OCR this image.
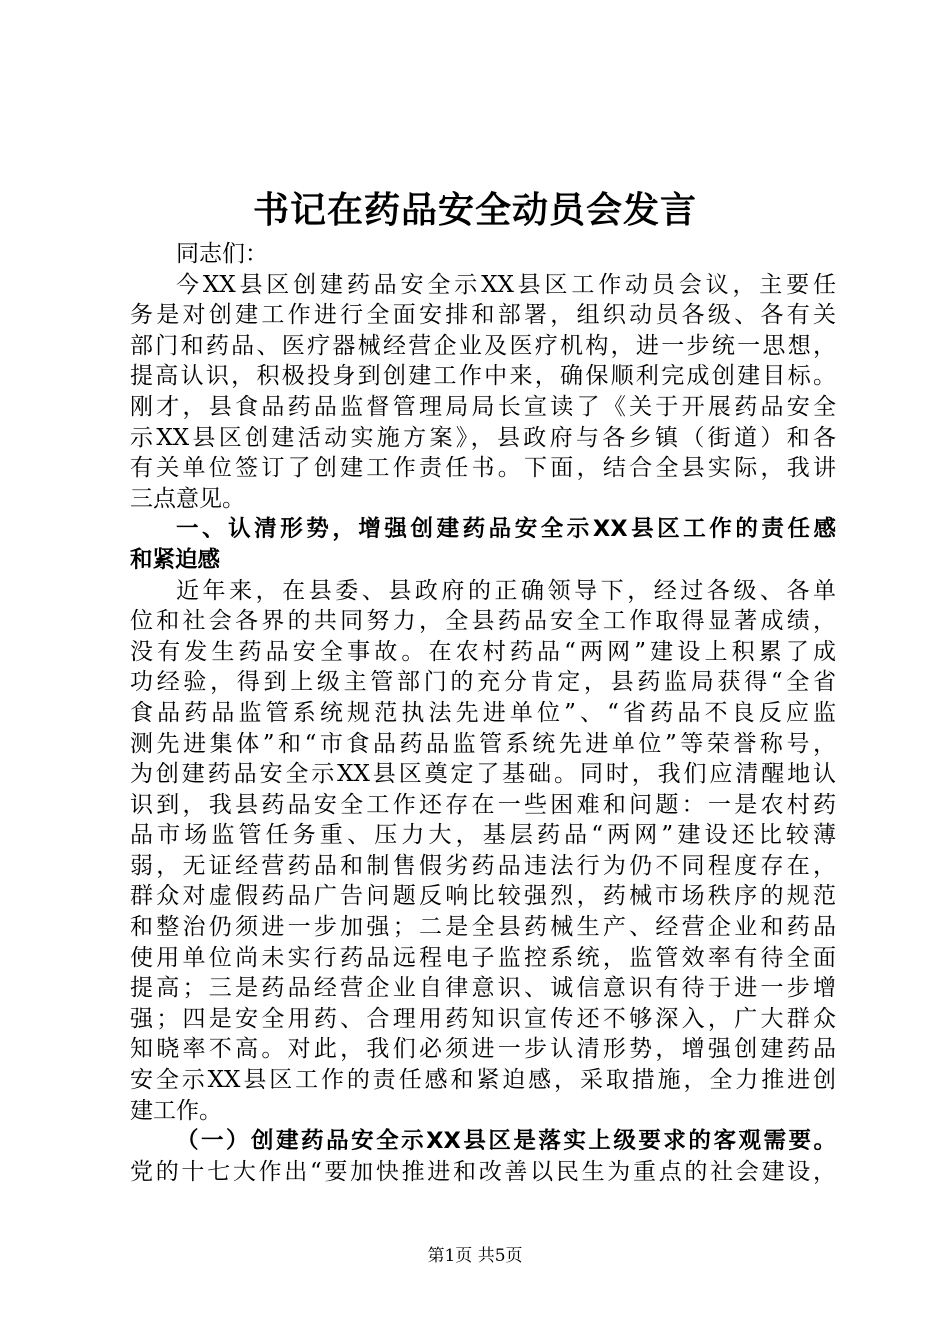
书记在药品安全动员会发言
同志们：
今XX县区创建药品安全示XX县区工作动员会议，主要任
务是对创建工作进行全面安排和部署，组织动员各级、各有关
部门和药品、医疗器械经营企业及医疗机构，进一步统一思想，
提高认识，积极投身到创建工作中来，确保顺利完成创建目标。
刚才，县食品药品监督管理局局长宣读了《关于开展药品安全
示XX县区创建活动实施方案》，县政府与各乡镇（街道）和各
有关单位签订了创建工作责任书。下面，结合全县实际，我讲
三点意见。
一、认清形势，增强创建药品安全示XX县区工作的责任感
和紧迫感
近年来，在县委、县政府的正确领导下，经过各级、各单
位和社会各界的共同努力，全县药品安全工作取得显著成绩，
没有发生药品安全事故。在农村药品“两网”建设上积累了成
功经验，得到上级主管部门的充分肯定，县药监局获得“全省
食品药品监管系统规范执法先进单位”、“省药品不良反应监
测先进集体”和“市食品药品监管系统先进单位”等荣誉称号，
为创建药品安全示XX县区奠定了基础。同时，我们应清醒地认
识到，我县药品安全工作还存在一些困难和问题：一是农村药
品市场监管任务重、压力大，基层药品“两网”建设还比较薄
弱，无证经营药品和制售假劣药品违法行为仍不同程度存在，
群众对虚假药品广告问题反响比较强烈，药械市场秩序的规范
和整治仍须进一步加强；二是全县药械生产、经营企业和药品
使用单位尚未实行药品远程电子监控系统，监管效率有待全面
提高；三是药品经营企业自律意识、诚信意识有待于进一步增
强；四是安全用药、合理用药知识宣传还不够深入，广大群众
知晓率不高。对此，我们必须进一步认清形势，增强创建药品
安全示XX县区工作的责任感和紧迫感，采取措施，全力推进创
建工作。
（一）创建药品安全示XX县区是落实上级要求的客观需要。
党的十七大作出“要加快推进和改善以民生为重点的社会建设，
第1页 共5页
